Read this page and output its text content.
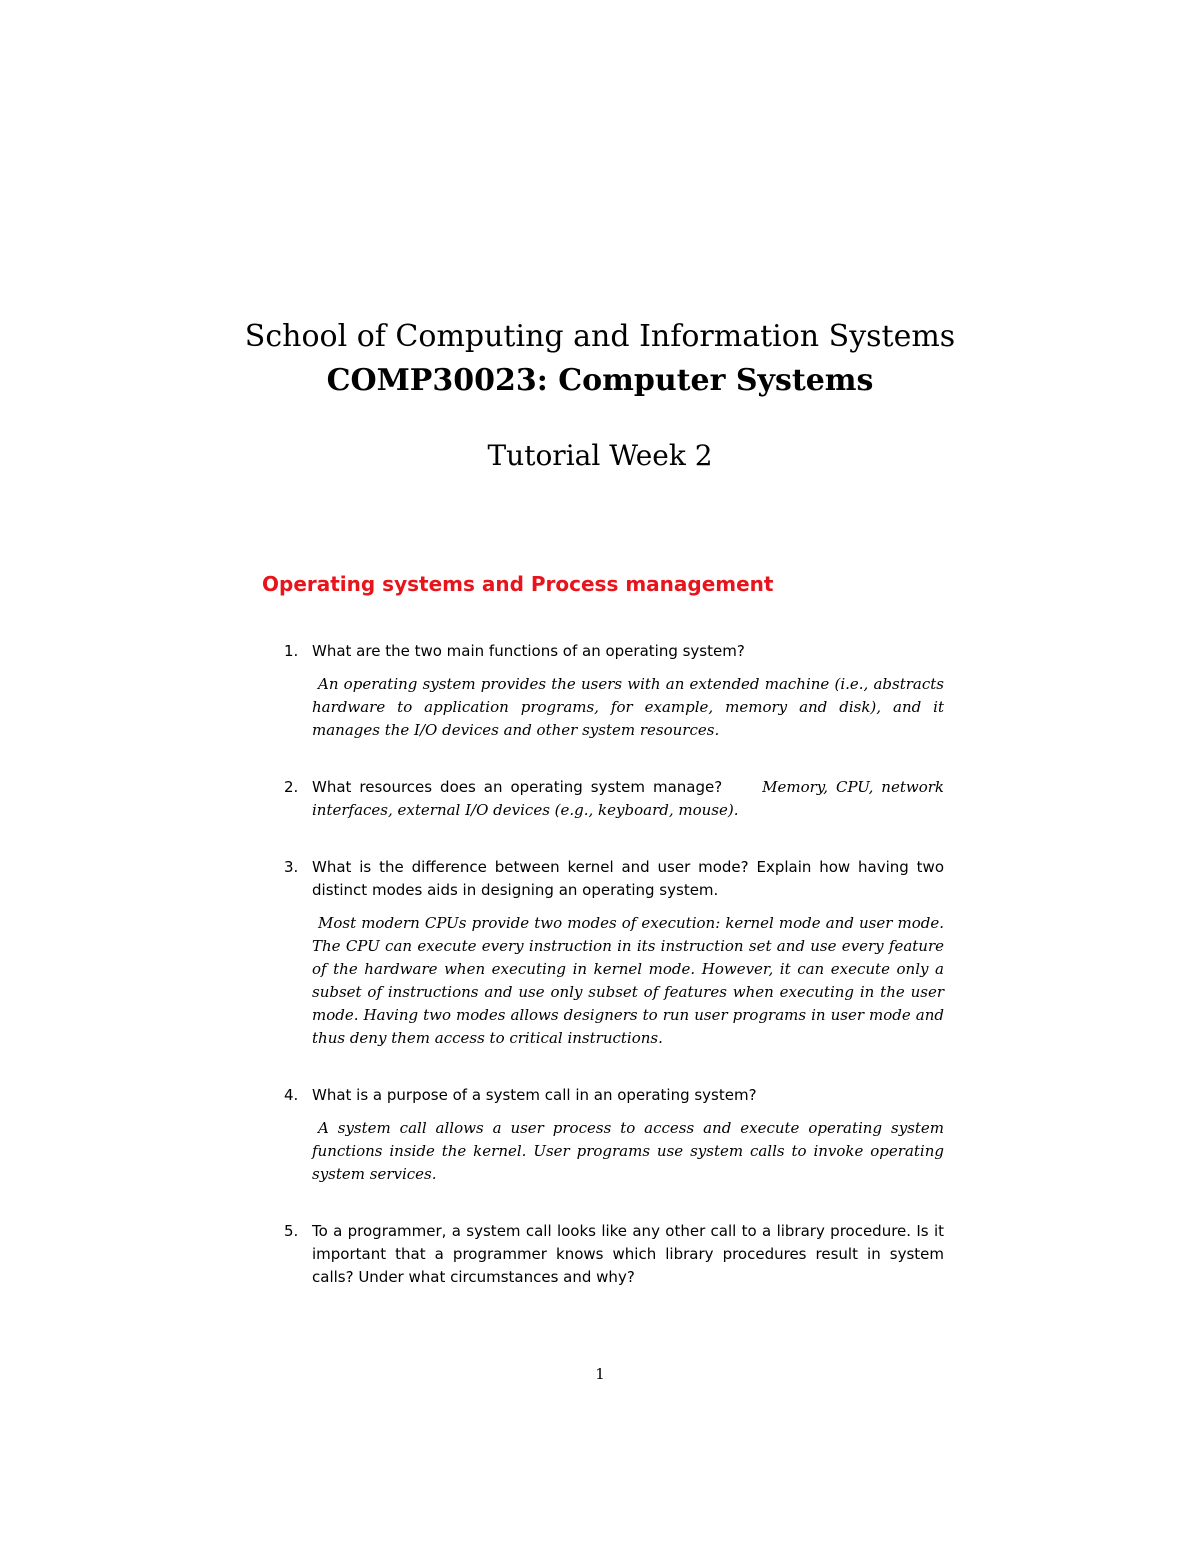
School of Computing and Information Systems

COMP30023: Computer Systems

Tutorial Week 2

Operating systems and Process management
1. What are the two main functions of an operating system?

An operating system provides the users with an extended machine (i.e., abstracts hardware to application programs, for example, memory and disk), and it manages the I/O devices and other system resources.

2. What resources does an operating system manage?	Memory, CPU, network interfaces, external I/O devices (e.g., keyboard, mouse).

3. What is the difference between kernel and user mode? Explain how having two distinct modes aids in designing an operating system.

Most modern CPUs provide two modes of execution: kernel mode and user mode. The CPU can execute every instruction in its instruction set and use every feature of the hardware when executing in kernel mode. However, it can execute only a subset of instructions and use only subset of features when executing in the user mode. Having two modes allows designers to run user programs in user mode and thus deny them access to critical instructions.

4. What is a purpose of a system call in an operating system?

A system call allows a user process to access and execute operating system functions inside the kernel. User programs use system calls to invoke operating system services.

5. To a programmer, a system call looks like any other call to a library procedure. Is it important that a programmer knows which library procedures result in system calls? Under what circumstances and why?

1
